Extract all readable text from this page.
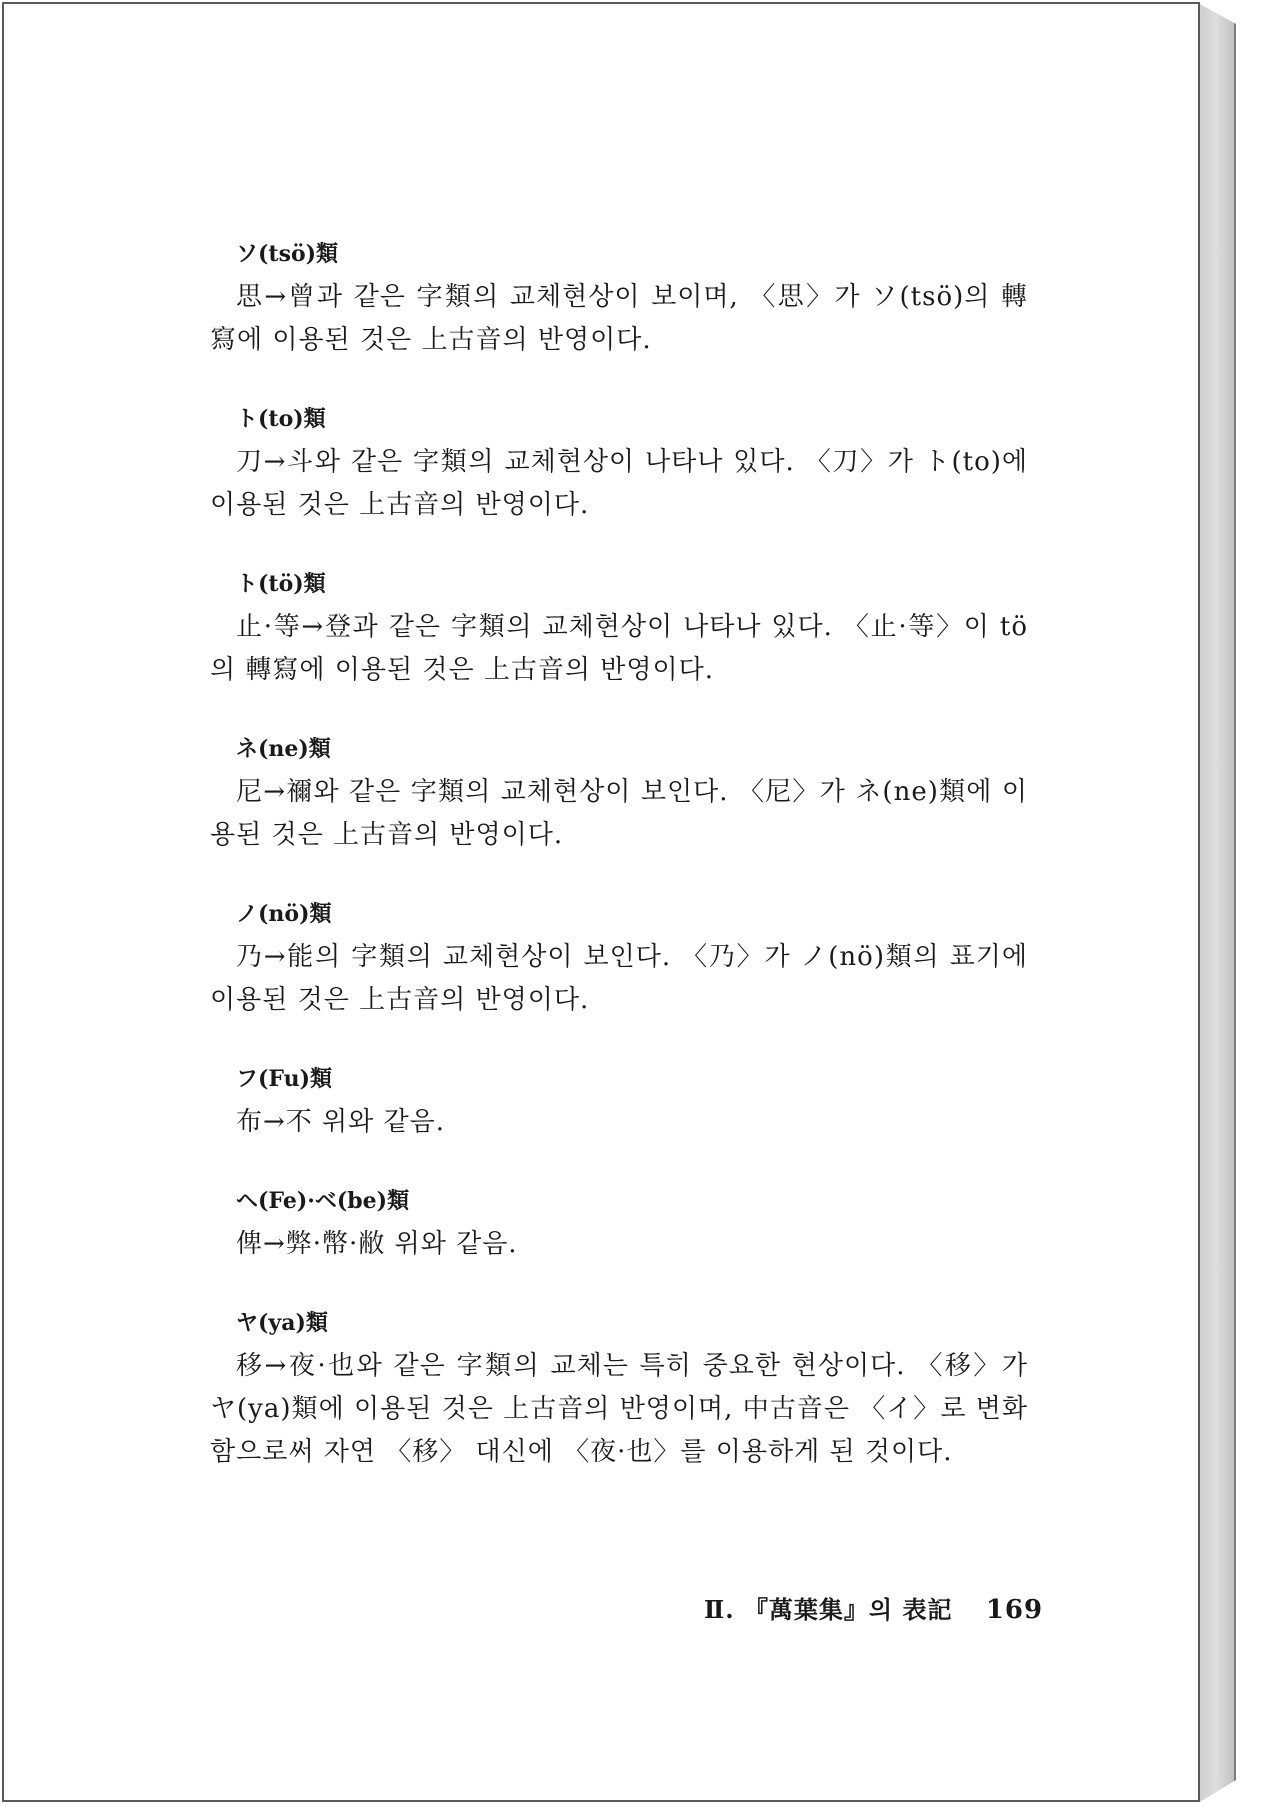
ソ(tsö)類

思→曾과 같은 字類의 교체현상이 보이며, 〈思〉가 ソ(tsö)의 轉寫에 이용된 것은 上古音의 반영이다.

ト(to)類

刀→斗와 같은 字類의 교체현상이 나타나 있다. 〈刀〉가 ト(to)에 이용된 것은 上古音의 반영이다.

ト(tö)類

止·等→登과 같은 字類의 교체현상이 나타나 있다. 〈止·等〉이 tö의 轉寫에 이용된 것은 上古音의 반영이다.

ネ(ne)類

尼→禰와 같은 字類의 교체현상이 보인다. 〈尼〉가 ネ(ne)類에 이용된 것은 上古音의 반영이다.

ノ(nö)類

乃→能의 字類의 교체현상이 보인다. 〈乃〉가 ノ(nö)類의 표기에 이용된 것은 上古音의 반영이다.

フ(Fu)類

布→不 위와 같음.

ヘ(Fe)·ベ(be)類

俾→弊·幣·敝 위와 같음.

ヤ(ya)類

移→夜·也와 같은 字類의 교체는 특히 중요한 현상이다. 〈移〉가 ヤ(ya)類에 이용된 것은 上古音의 반영이며, 中古音은 〈イ〉로 변화함으로써 자연 〈移〉 대신에 〈夜·也〉를 이용하게 된 것이다.

Ⅱ. 『萬葉集』의 表記 169
